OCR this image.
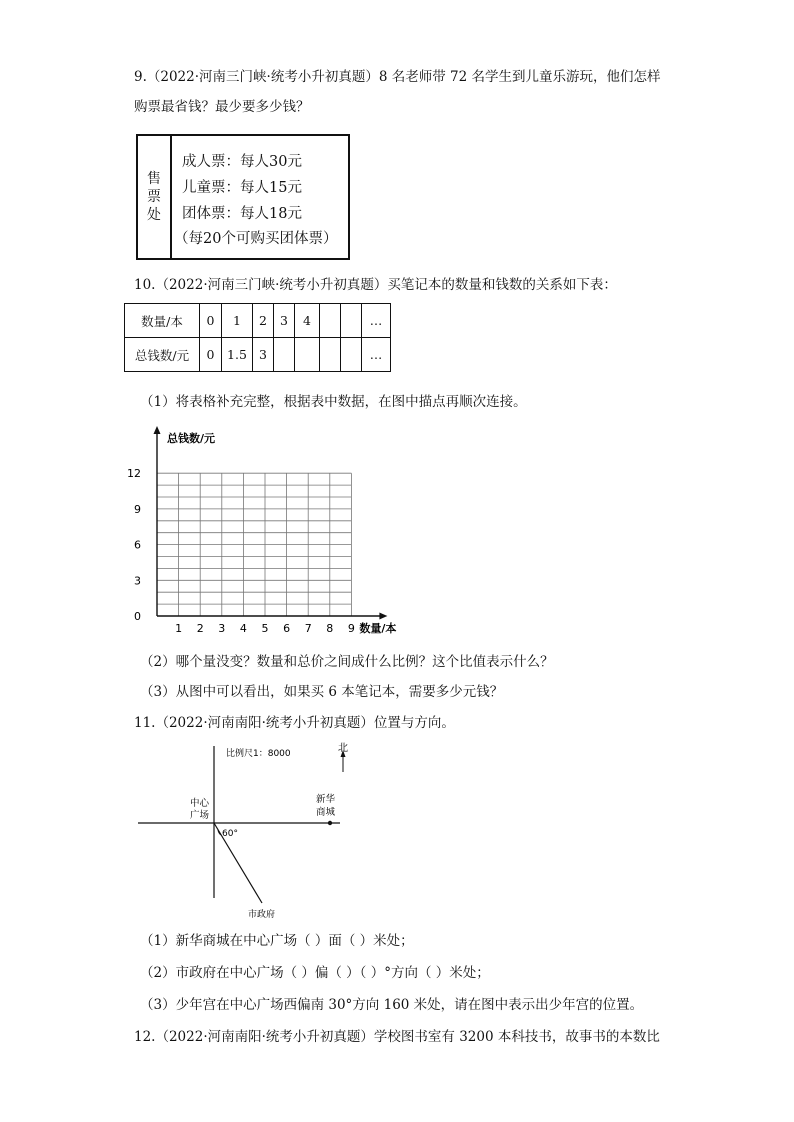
9.（2022·河南三门峡·统考小升初真题）8 名老师带 72 名学生到儿童乐游玩，他们怎样
购票最省钱？最少要多少钱？
售
票
处
成人票：每人30元
儿童票：每人15元
团体票：每人18元
（每20个可购买团体票）
10.（2022·河南三门峡·统考小升初真题）买笔记本的数量和钱数的关系如下表：
数量/本	0	1	2	3	4			…
总钱数/元	0	1.5	3					…
（1）将表格补充完整，根据表中数据，在图中描点再顺次连接。
总钱数/元
数量/本
1 2 3 4 5 6 7 8 9
0
3
6
9
12
（2）哪个量没变？数量和总价之间成什么比例？这个比值表示什么？
（3）从图中可以看出，如果买 6 本笔记本，需要多少元钱？
11.（2022·河南南阳·统考小升初真题）位置与方向。
比例尺1：8000	北
中心
广场
新华
商城
60°
市政府
（1）新华商城在中心广场（ ）面（ ）米处；
（2）市政府在中心广场（ ）偏（ ）（ ）°方向（ ）米处；
（3）少年宫在中心广场西偏南 30°方向 160 米处，请在图中表示出少年宫的位置。
12.（2022·河南南阳·统考小升初真题）学校图书室有 3200 本科技书，故事书的本数比
